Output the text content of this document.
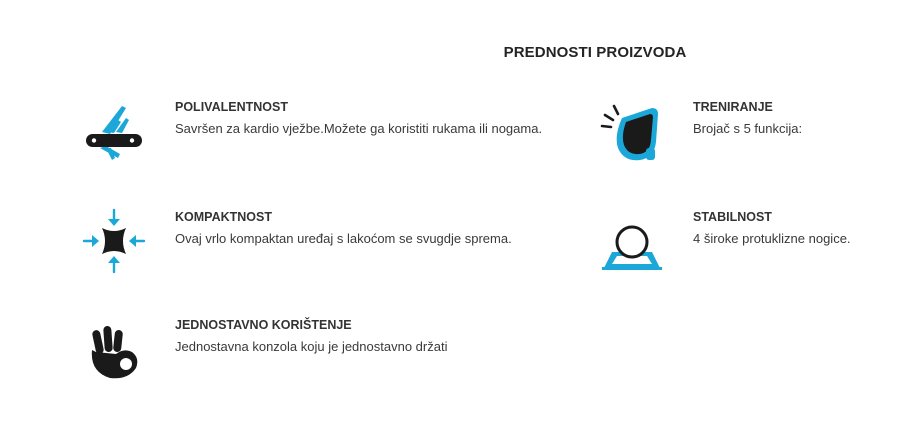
PREDNOSTI PROIZVODA
POLIVALENTNOST
Savršen za kardio vježbe.Možete ga koristiti rukama ili nogama.
KOMPAKTNOST
Ovaj vrlo kompaktan uređaj s lakoćom se svugdje sprema.
JEDNOSTAVNO KORIŠTENJE
Jednostavna konzola koju je jednostavno držati
TRENIRANJE
Brojač s 5 funkcija:
STABILNOST
4 široke protuklizne nogice.
